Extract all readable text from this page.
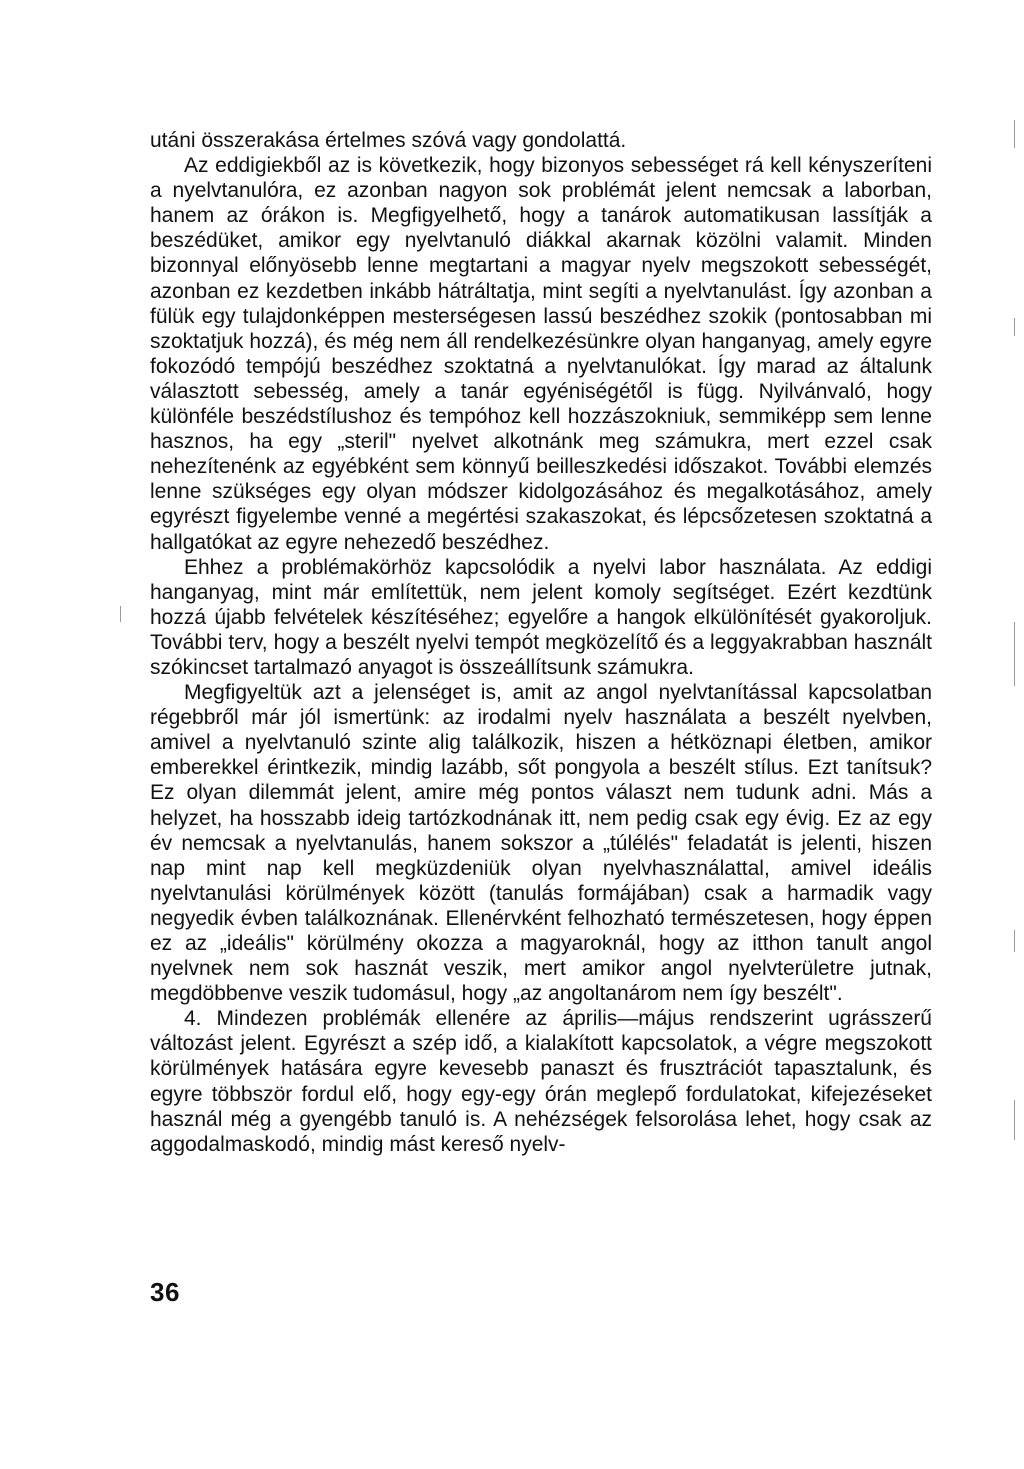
utáni összerakása értelmes szóvá vagy gondolattá.

Az eddigiekből az is következik, hogy bizonyos sebességet rá kell kényszeríteni a nyelvtanulóra, ez azonban nagyon sok problémát jelent nemcsak a laborban, hanem az órákon is. Megfigyelhető, hogy a tanárok automatikusan lassítják a beszédüket, amikor egy nyelvtanuló diákkal akarnak közölni valamit. Minden bizonnyal előnyösebb lenne megtartani a magyar nyelv megszokott sebességét, azonban ez kezdetben inkább hátráltatja, mint segíti a nyelvtanulást. Így azonban a fülük egy tulajdonképpen mesterségesen lassú beszédhez szokik (pontosabban mi szoktatjuk hozzá), és még nem áll rendelkezésünkre olyan hanganyag, amely egyre fokozódó tempójú beszédhez szoktatná a nyelvtanulókat. Így marad az általunk választott sebesség, amely a tanár egyéniségétől is függ. Nyilvánvaló, hogy különféle beszédstílushoz és tempóhoz kell hozzászokniuk, semmiképp sem lenne hasznos, ha egy „steril" nyelvet alkotnánk meg számukra, mert ezzel csak nehezítenénk az egyébként sem könnyű beilleszkedési időszakot. További elemzés lenne szükséges egy olyan módszer kidolgozásához és megalkotásához, amely egyrészt figyelembe venné a megértési szakaszokat, és lépcsőzetesen szoktatná a hallgatókat az egyre nehezedő beszédhez.

Ehhez a problémakörhöz kapcsolódik a nyelvi labor használata. Az eddigi hanganyag, mint már említettük, nem jelent komoly segítséget. Ezért kezdtünk hozzá újabb felvételek készítéséhez; egyelőre a hangok elkülönítését gyakoroljuk. További terv, hogy a beszélt nyelvi tempót megközelítő és a leggyakrabban használt szókincset tartalmazó anyagot is összeállítsunk számukra.

Megfigyeltük azt a jelenséget is, amit az angol nyelvtanítással kapcsolatban régebbről már jól ismertünk: az irodalmi nyelv használata a beszélt nyelvben, amivel a nyelvtanuló szinte alig találkozik, hiszen a hétköznapi életben, amikor emberekkel érintkezik, mindig lazább, sőt pongyola a beszélt stílus. Ezt tanítsuk? Ez olyan dilemmát jelent, amire még pontos választ nem tudunk adni. Más a helyzet, ha hosszabb ideig tartózkodnának itt, nem pedig csak egy évig. Ez az egy év nemcsak a nyelvtanulás, hanem sokszor a „túlélés" feladatát is jelenti, hiszen nap mint nap kell megküzdeniük olyan nyelvhasználattal, amivel ideális nyelvtanulási körülmények között (tanulás formájában) csak a harmadik vagy negyedik évben találkoznának. Ellenérvként felhozható természetesen, hogy éppen ez az „ideális" körülmény okozza a magyaroknál, hogy az itthon tanult angol nyelvnek nem sok hasznát veszik, mert amikor angol nyelvterületre jutnak, megdöbbenve veszik tudomásul, hogy „az angoltanárom nem így beszélt".

4. Mindezen problémák ellenére az április—május rendszerint ugrásszerű változást jelent. Egyrészt a szép idő, a kialakított kapcsolatok, a végre megszokott körülmények hatására egyre kevesebb panaszt és frusztrációt tapasztalunk, és egyre többször fordul elő, hogy egy-egy órán meglepő fordulatokat, kifejezéseket használ még a gyengébb tanuló is. A nehézségek felsorolása lehet, hogy csak az aggodalmaskodó, mindig mást kereső nyelv-

36
